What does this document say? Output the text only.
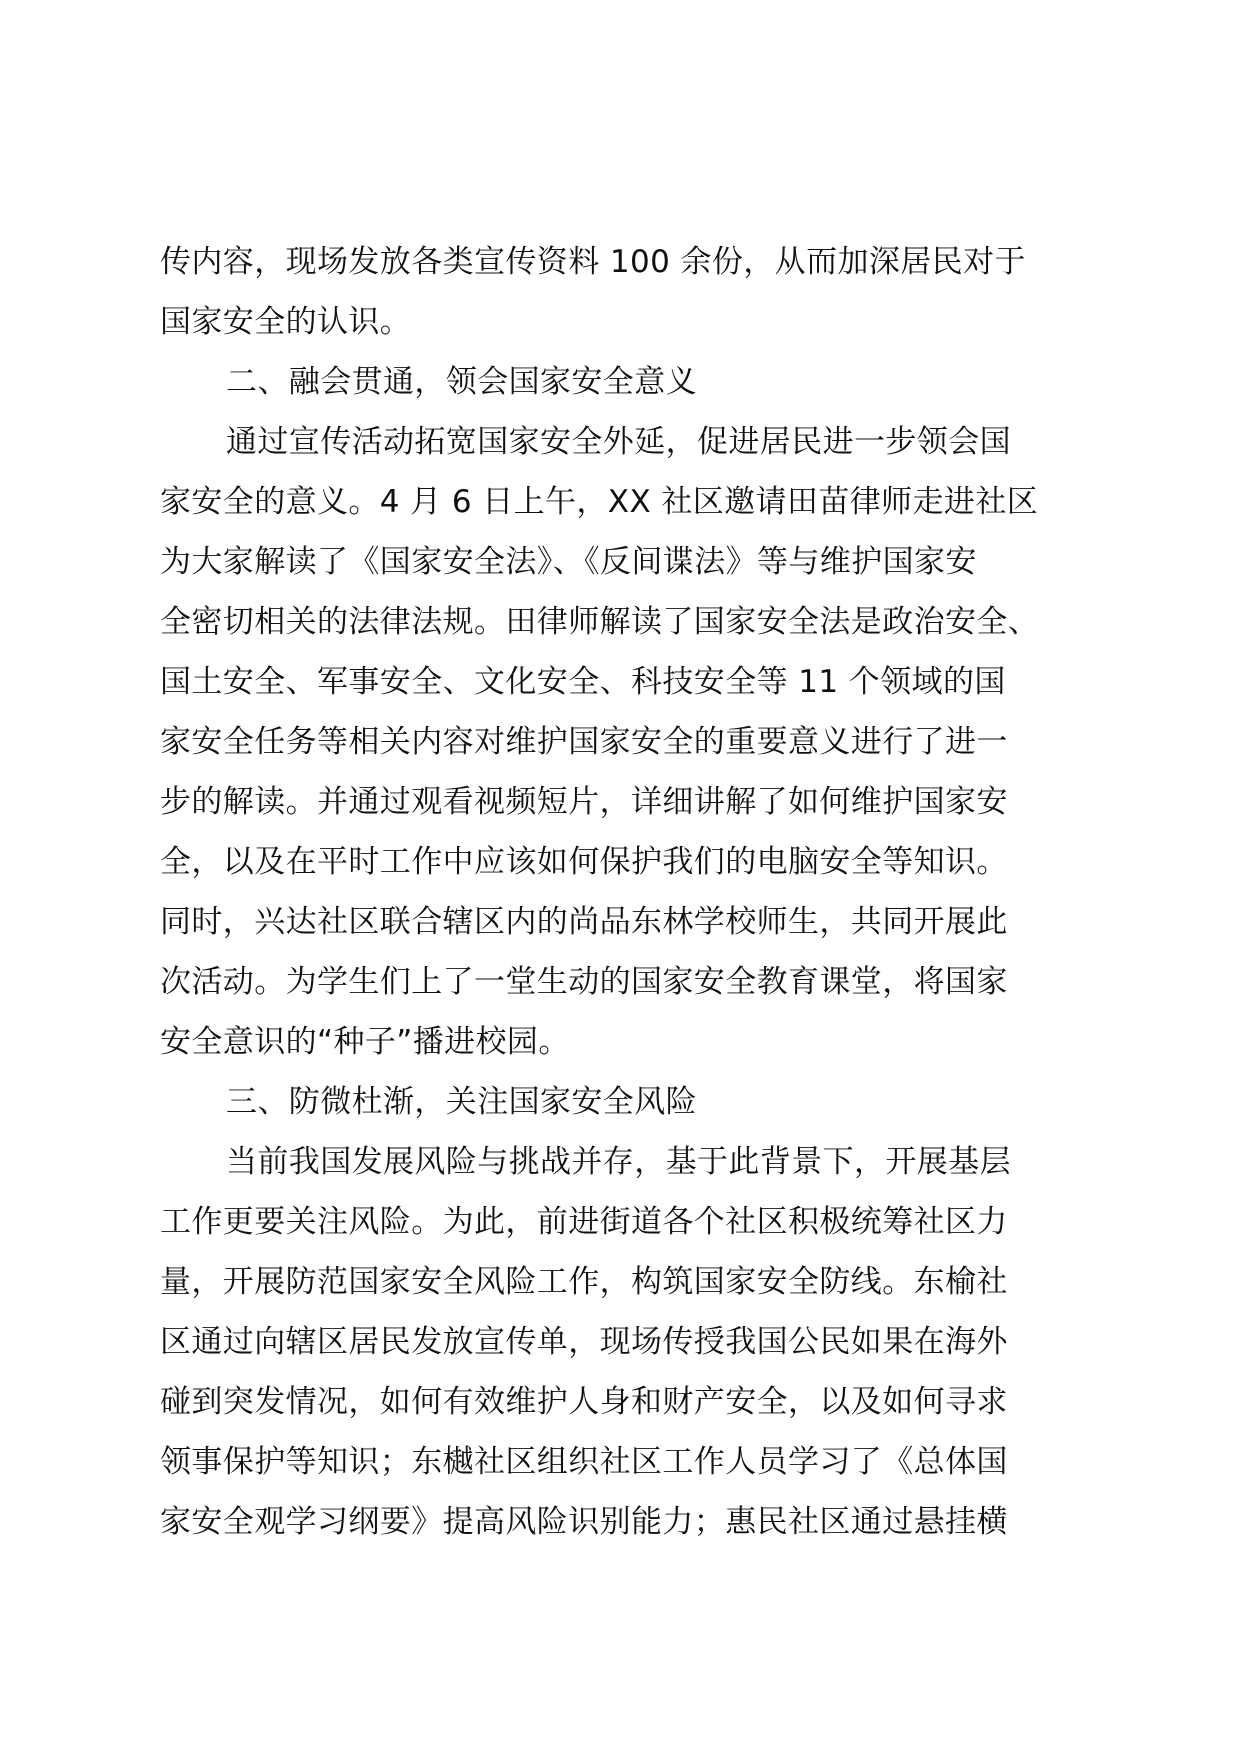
传内容，现场发放各类宣传资料 100 余份，从而加深居民对于
国家安全的认识。
二、融会贯通，领会国家安全意义
通过宣传活动拓宽国家安全外延，促进居民进一步领会国
家安全的意义。4 月 6 日上午，XX 社区邀请田苗律师走进社区
为大家解读了《国家安全法》、《反间谍法》等与维护国家安
全密切相关的法律法规。田律师解读了国家安全法是政治安全、
国土安全、军事安全、文化安全、科技安全等 11 个领域的国
家安全任务等相关内容对维护国家安全的重要意义进行了进一
步的解读。并通过观看视频短片，详细讲解了如何维护国家安
全，以及在平时工作中应该如何保护我们的电脑安全等知识。
同时，兴达社区联合辖区内的尚品东林学校师生，共同开展此
次活动。为学生们上了一堂生动的国家安全教育课堂，将国家
安全意识的“种子”播进校园。
三、防微杜渐，关注国家安全风险
当前我国发展风险与挑战并存，基于此背景下，开展基层
工作更要关注风险。为此，前进街道各个社区积极统筹社区力
量，开展防范国家安全风险工作，构筑国家安全防线。东榆社
区通过向辖区居民发放宣传单，现场传授我国公民如果在海外
碰到突发情况，如何有效维护人身和财产安全，以及如何寻求
领事保护等知识；东樾社区组织社区工作人员学习了《总体国
家安全观学习纲要》提高风险识别能力；惠民社区通过悬挂横
